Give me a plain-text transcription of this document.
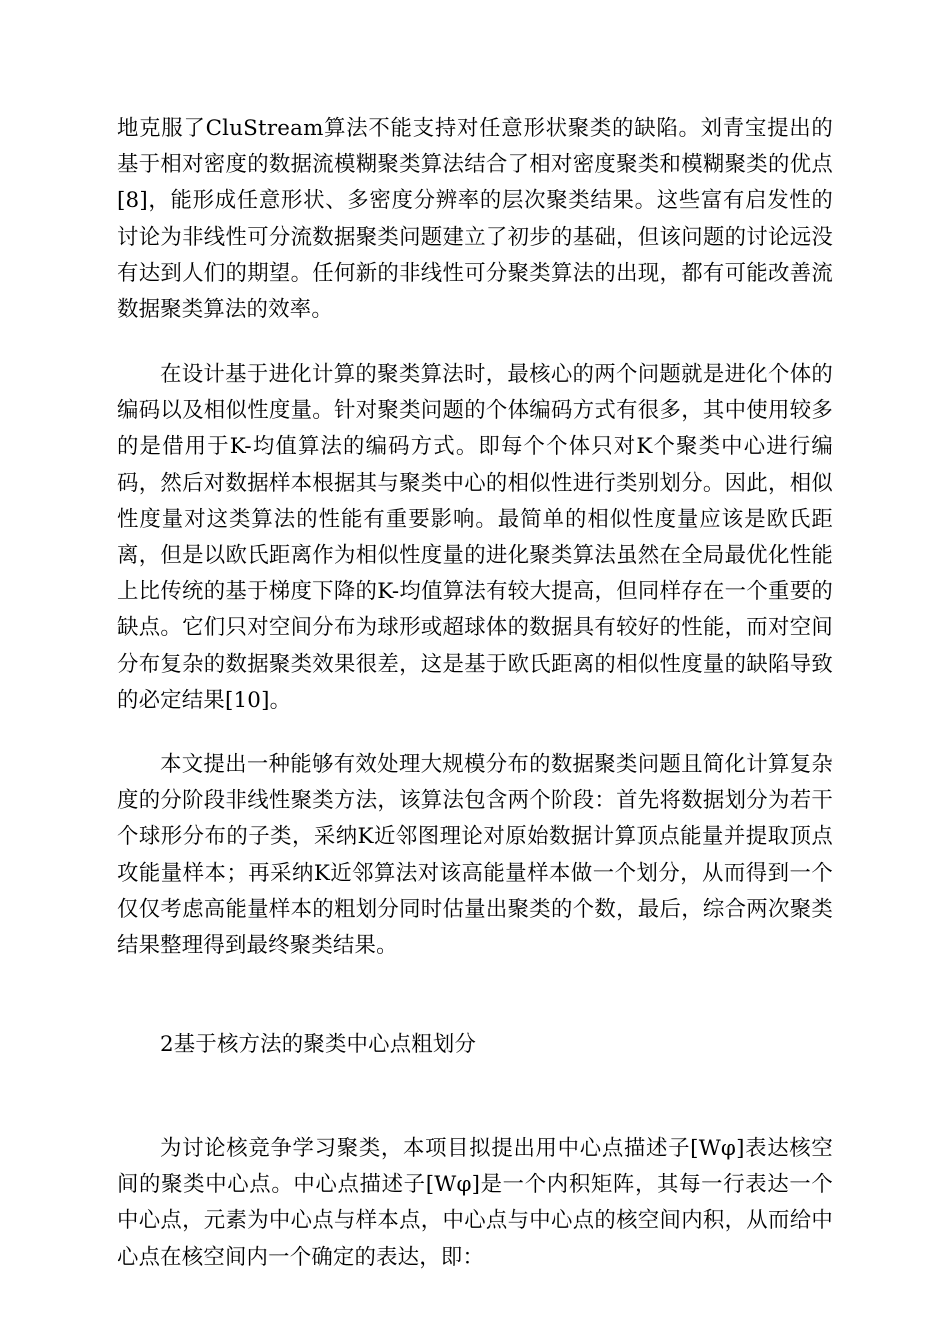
地克服了CluStream算法不能支持对任意形状聚类的缺陷。刘青宝提出的基于相对密度的数据流模糊聚类算法结合了相对密度聚类和模糊聚类的优点[8]，能形成任意形状、多密度分辨率的层次聚类结果。这些富有启发性的讨论为非线性可分流数据聚类问题建立了初步的基础，但该问题的讨论远没有达到人们的期望。任何新的非线性可分聚类算法的出现，都有可能改善流数据聚类算法的效率。

在设计基于进化计算的聚类算法时，最核心的两个问题就是进化个体的编码以及相似性度量。针对聚类问题的个体编码方式有很多，其中使用较多的是借用于K-均值算法的编码方式。即每个个体只对K个聚类中心进行编码，然后对数据样本根据其与聚类中心的相似性进行类别划分。因此，相似性度量对这类算法的性能有重要影响。最简单的相似性度量应该是欧氏距离，但是以欧氏距离作为相似性度量的进化聚类算法虽然在全局最优化性能上比传统的基于梯度下降的K-均值算法有较大提高，但同样存在一个重要的缺点。它们只对空间分布为球形或超球体的数据具有较好的性能，而对空间分布复杂的数据聚类效果很差，这是基于欧氏距离的相似性度量的缺陷导致的必定结果[10]。

本文提出一种能够有效处理大规模分布的数据聚类问题且简化计算复杂度的分阶段非线性聚类方法，该算法包含两个阶段：首先将数据划分为若干个球形分布的子类，采纳K近邻图理论对原始数据计算顶点能量并提取顶点攻能量样本；再采纳K近邻算法对该高能量样本做一个划分，从而得到一个仅仅考虑高能量样本的粗划分同时估量出聚类的个数，最后，综合两次聚类结果整理得到最终聚类结果。

2基于核方法的聚类中心点粗划分

为讨论核竞争学习聚类，本项目拟提出用中心点描述子[Wφ]表达核空间的聚类中心点。中心点描述子[Wφ]是一个内积矩阵，其每一行表达一个中心点，元素为中心点与样本点，中心点与中心点的核空间内积，从而给中心点在核空间内一个确定的表达，即：
